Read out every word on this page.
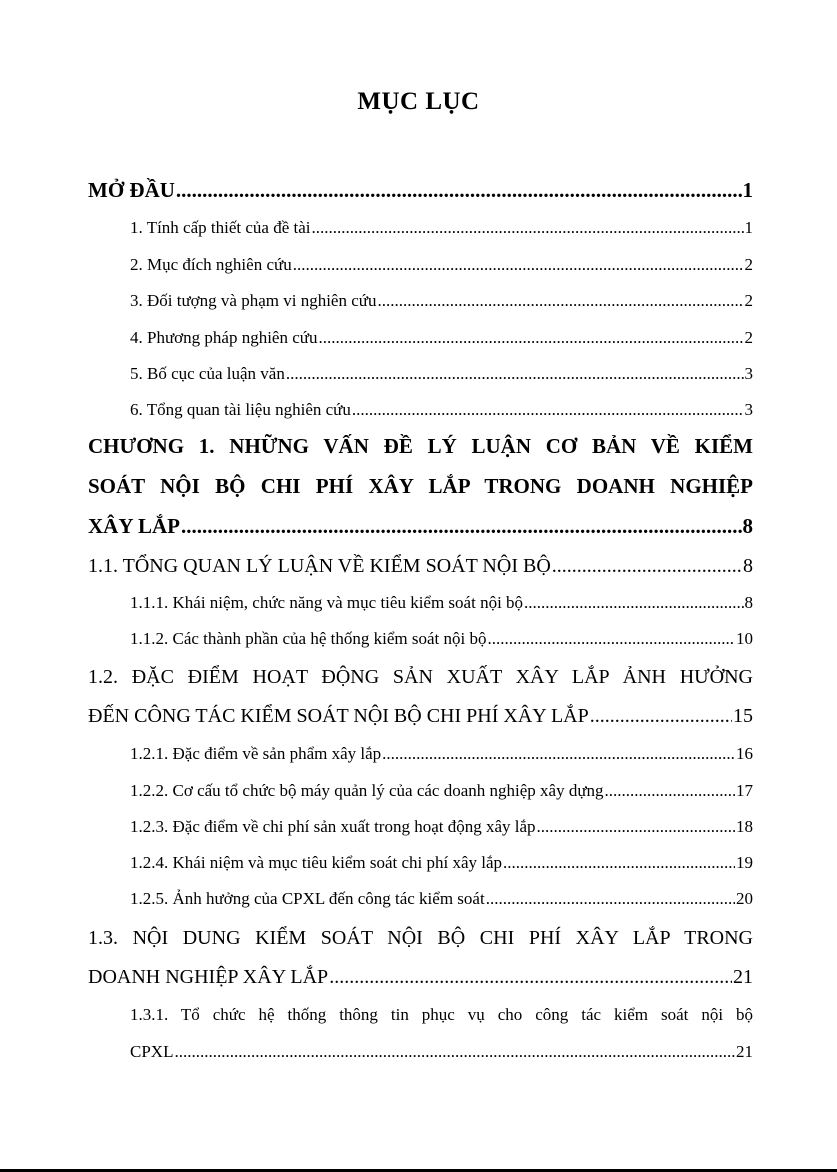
MỤC LỤC
MỞ ĐẦU .....	1
1. Tính cấp thiết của đề tài .....	1
2. Mục đích nghiên cứu .....	2
3. Đối tượng và phạm vi nghiên cứu .....	2
4. Phương pháp nghiên cứu .....	2
5. Bố cục của luận văn .....	3
6. Tổng quan tài liệu nghiên cứu .....	3
CHƯƠNG 1. NHỮNG VẤN ĐỀ LÝ LUẬN CƠ BẢN VỀ KIỂM
SOÁT NỘI BỘ CHI PHÍ XÂY LẮP TRONG DOANH NGHIỆP
XÂY LẮP .....	8
1.1. TỔNG QUAN LÝ LUẬN VỀ KIỂM SOÁT NỘI BỘ .....	8
1.1.1. Khái niệm, chức năng và mục tiêu kiểm soát nội bộ .....	8
1.1.2. Các thành phần của hệ thống kiểm soát nội bộ .....	10
1.2. ĐẶC ĐIỂM HOẠT ĐỘNG SẢN XUẤT XÂY LẮP ẢNH HƯỞNG
ĐẾN CÔNG TÁC KIỂM SOÁT NỘI BỘ CHI PHÍ XÂY LẮP .....	15
1.2.1. Đặc điểm về sản phẩm xây lắp .....	16
1.2.2. Cơ cấu tổ chức bộ máy quản lý của các doanh nghiệp xây dựng .....	17
1.2.3. Đặc điểm về chi phí sản xuất trong hoạt động xây lắp .....	18
1.2.4. Khái niệm và mục tiêu kiểm soát chi phí xây lắp .....	19
1.2.5. Ảnh hưởng của CPXL đến công tác kiểm soát .....	20
1.3. NỘI DUNG KIỂM SOÁT NỘI BỘ CHI PHÍ XÂY LẮP TRONG
DOANH NGHIỆP XÂY LẮP .....	21
1.3.1. Tổ chức hệ thống thông tin phục vụ cho công tác kiểm soát nội bộ
CPXL .....	21
